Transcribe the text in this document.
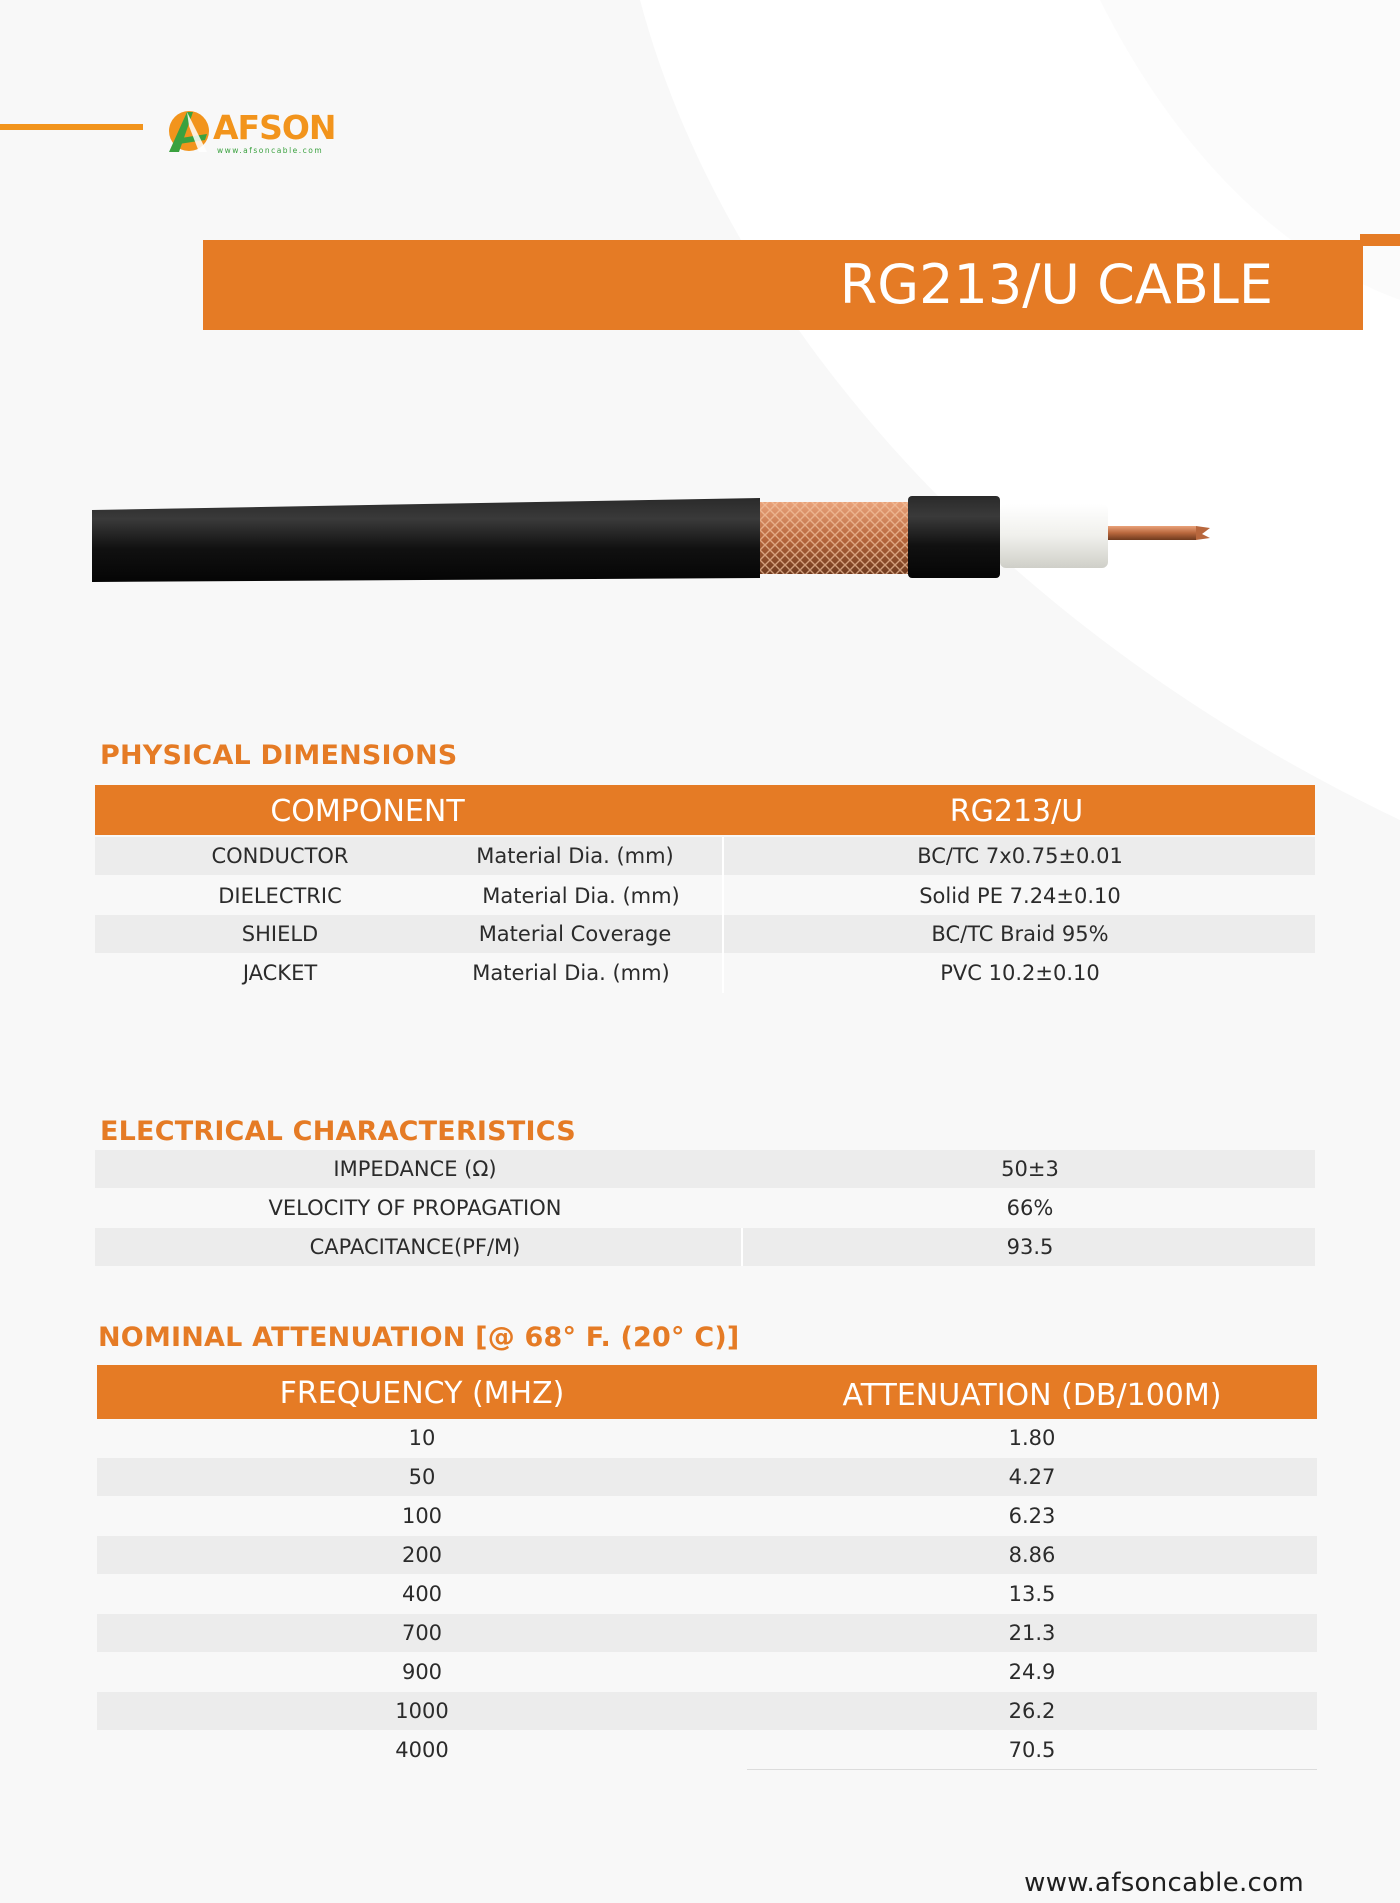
AFSON
www.afsoncable.com
RG213/U CABLE
PHYSICAL DIMENSIONS
COMPONENT	RG213/U
CONDUCTOR	Material Dia. (mm)	BC/TC 7x0.75±0.01
DIELECTRIC	Material Dia. (mm)	Solid PE 7.24±0.10
SHIELD	Material Coverage	BC/TC Braid 95%
JACKET	Material Dia. (mm)	PVC 10.2±0.10
ELECTRICAL CHARACTERISTICS
IMPEDANCE (Ω)	50±3
VELOCITY OF PROPAGATION	66%
CAPACITANCE(PF/M)	93.5
NOMINAL ATTENUATION [@ 68° F. (20° C)]
FREQUENCY (MHZ)	ATTENUATION (DB/100M)
10	1.80
50	4.27
100	6.23
200	8.86
400	13.5
700	21.3
900	24.9
1000	26.2
4000	70.5
www.afsoncable.com
